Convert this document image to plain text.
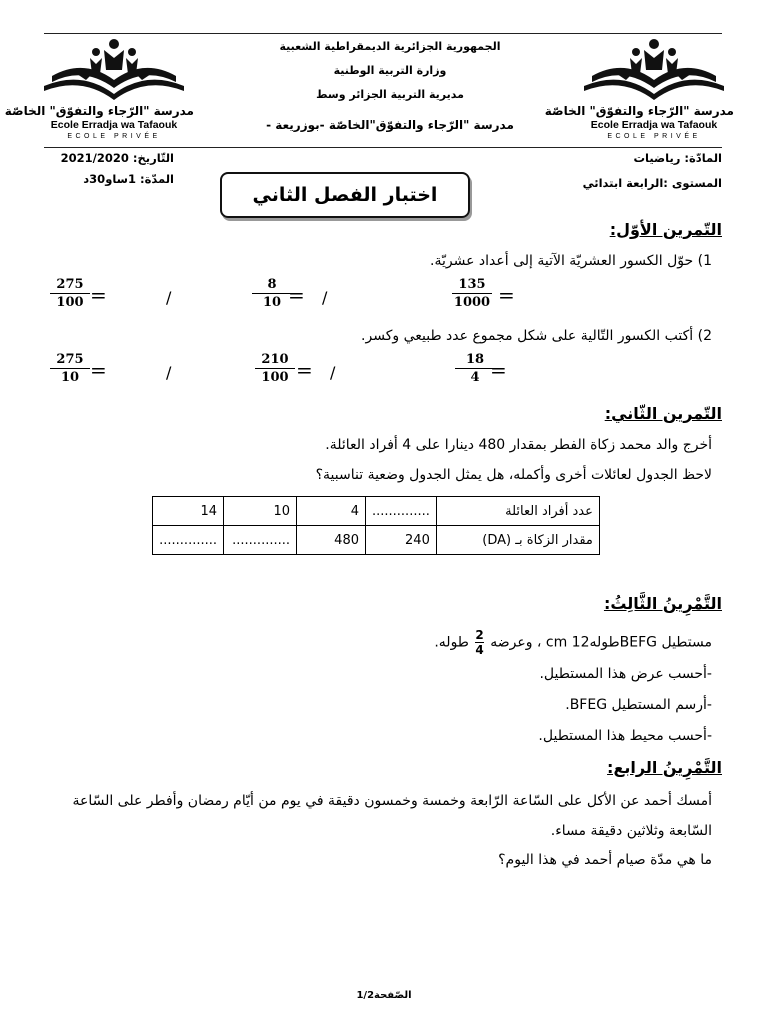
الجمهورية الجزائرية الديمقراطية الشعبية
وزارة التربية الوطنية
مديرية التربية الجزائر وسط
مدرسة "الرّجاء والتفوّق"الخاصّة -بوزريعة -
مدرسة "الرّجاء والتفوّق" الخاصّة
Ecole Erradja wa Tafaouk
ECOLE PRIVÉE
مدرسة "الرّجاء والتفوّق" الخاصّة
Ecole Erradja wa Tafaouk
ECOLE PRIVÉE
التّاريخ: 2021/2020
المدّة: 1ساو30د
المادّة: رياضيات
المستوى :الرابعة ابتدائي
اختبار الفصل الثاني
التّمرين الأوّل:
1) حوّل الكسور العشريّة الآتية إلى أعداد عشريّة.
$\frac{135}{1000}$ =
$\frac{8}{10}$
= /
$\frac{275}{100}$ =	/
2) أكتب الكسور التّالية على شكل مجموع عدد طبيعي وكسر.
$\frac{18}{4}$
=
$\frac{210}{100}$ = /
$\frac{275}{10}$ =	/
التّمرين الثّاني:
أخرج والد محمد زكاة الفطر بمقدار 480 دينارا على 4 أفراد العائلة.
لاحظ الجدول لعائلات أخرى وأكمله، هل يمثل الجدول وضعية تناسبية؟
عدد أفراد العائلة	..............	4	10	14
مقدار الزكاة بـ (DA)	240	480	..............	..............
التَّمْرِينُ الثَّالِثُ:
مستطيل BEFGطوله12 cm ، وعرضه
$\frac{2}{4}$
طوله.
-أحسب عرض هذا المستطيل.
-أرسم المستطيل BFEG.
-أحسب محيط هذا المستطيل.
التَّمْرِينُ الرابع:
أمسك أحمد عن الأكل على السّاعة الرّابعة وخمسة وخمسون دقيقة في يوم من أيّام رمضان وأفطر على السّاعة السّابعة وثلاثين دقيقة مساء.
ما هي مدّة صيام أحمد في هذا اليوم؟
الصّفحة1/2
